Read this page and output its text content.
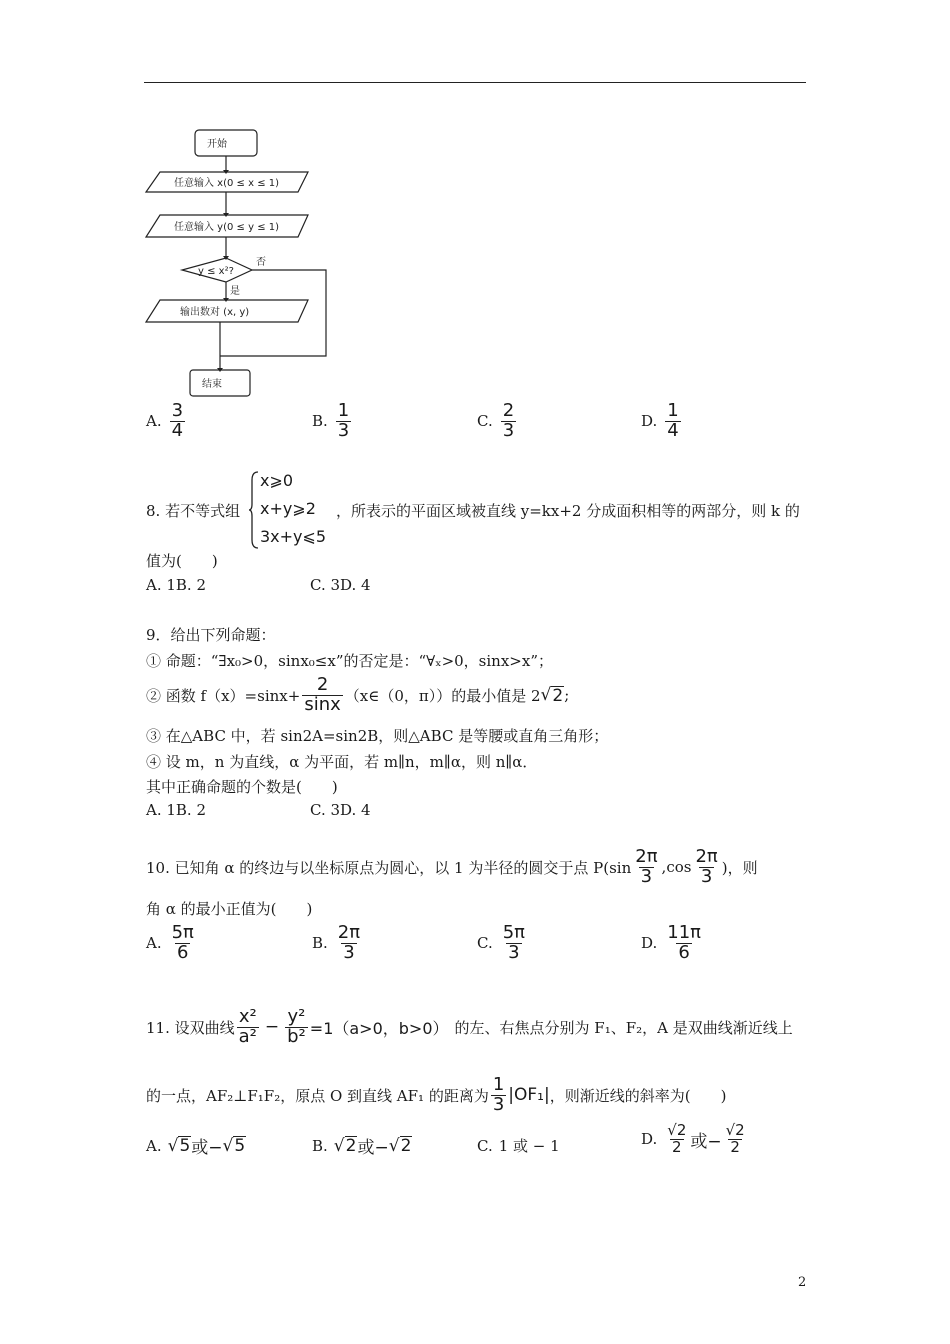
开始
任意输入 x(0 ≤ x ≤ 1)
任意输入 y(0 ≤ y ≤ 1)
y ≤ x²?
否
是
输出数对 (x, y)
结束
A. $\frac{3}{4}$	B. $\frac{1}{3}$	C. $\frac{2}{3}$	D. $\frac{1}{4}$
8. 若不等式组
x⩾0
x+y⩾2
3x+y⩽5
，所表示的平面区域被直线 y=kx+2 分成面积相等的两部分，则 k 的
值为(　　)
A. 1B. 2	C. 3D. 4
9．给出下列命题：
① 命题：“∃x₀>0，sinx₀≤x”的否定是：“∀ₓ>0，sinx>x”；
② 函数 $f(x)=\sin x+ \frac{2}{\sin x}$ （x∈（0，π））的最小值是 2 √ 2 ;
③ 在△ABC 中，若 sin2A=sin2B，则△ABC 是等腰或直角三角形；
④ 设 m，n 为直线，α 为平面，若 m∥n，m∥α，则 n∥α．
其中正确命题的个数是(　　)
A. 1B. 2	C. 3D. 4
10. 已知角 α 的终边与以坐标原点为圆心，以 1 为半径的圆交于点 $P(\sin \frac{2\pi}{3} ,\cos \frac{2\pi}{3}$ )，则
角 α 的最小正值为(　　)
A. $\frac{5\pi}{6}$	B. $\frac{2\pi}{3}$	C. $\frac{5\pi}{3}$	D. $\frac{11\pi}{6}$
11. 设双曲线 $\frac{\text{x²}}{\text{a²}} - \frac{\text{y²}}{\text{b²}} =1(a>0$，b>0） 的左、右焦点分别为 F₁、F₂，A 是双曲线渐近线上
的一点，AF₂⊥F₁F₂，原点 O 到直线 AF₁ 的距离为 $\frac{1}{3} |OF_1|$ ，则渐近线的斜率为(　　)
A. √ 5 或− √ 5	B. √ 2 或− √ 2	C. 1 或 − 1	D. $\frac{√2}{2}$ 或− $\frac{√2}{2}$
2
